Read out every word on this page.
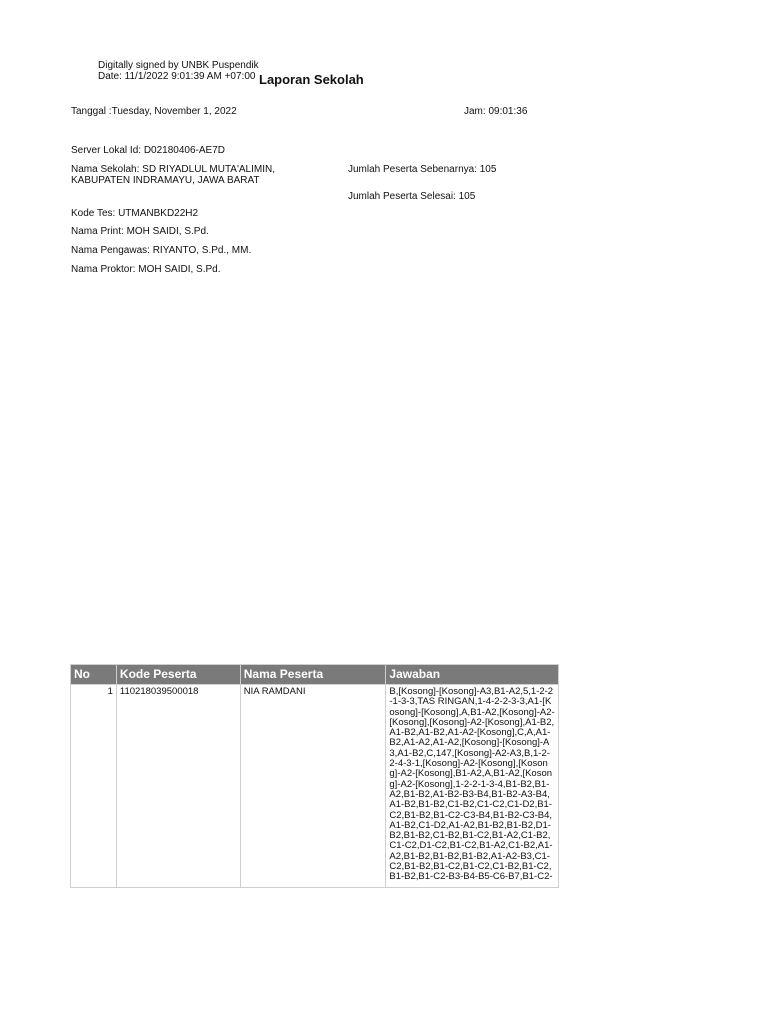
Digitally signed by UNBK Puspendik
Date: 11/1/2022 9:01:39 AM +07:00 Laporan Sekolah
Tanggal :Tuesday, November 1, 2022	Jam: 09:01:36
Server Lokal Id: D02180406-AE7D
Nama Sekolah: SD RIYADLUL MUTA'ALIMIN,
KABUPATEN INDRAMAYU, JAWA BARAT
Jumlah Peserta Sebenarnya: 105
Jumlah Peserta Selesai: 105
Kode Tes: UTMANBKD22H2
Nama Print: MOH SAIDI, S.Pd.
Nama Pengawas: RIYANTO, S.Pd., MM.
Nama Proktor: MOH SAIDI, S.Pd.
No	Kode Peserta	Nama Peserta	Jawaban
1	110218039500018	NIA RAMDANI	B,[Kosong]-[Kosong]-A3,B1-A2,5,1-2-2-1-3-3,TAS RINGAN,1-4-2-2-3-3,A1-[Kosong]-[Kosong],A,B1-A2,[Kosong]-A2-[Kosong],[Kosong]-A2-[Kosong],A1-B2,A1-B2,A1-B2,A1-A2-[Kosong],C,A,A1-B2,A1-A2,A1-A2,[Kosong]-[Kosong]-A3,A1-B2,C,147,[Kosong]-A2-A3,B,1-2-2-4-3-1,[Kosong]-A2-[Kosong],[Kosong]-A2-[Kosong],B1-A2,A,B1-A2,[Kosong]-A2-[Kosong],1-2-2-1-3-4,B1-B2,B1-A2,B1-B2,A1-B2-B3-B4,B1-B2-A3-B4,A1-B2,B1-B2,C1-B2,C1-C2,C1-D2,B1-C2,B1-B2,B1-C2-C3-B4,B1-B2-C3-B4,A1-B2,C1-D2,A1-A2,B1-B2,B1-B2,D1-B2,B1-B2,C1-B2,B1-C2,B1-A2,C1-B2,C1-C2,D1-C2,B1-C2,B1-A2,C1-B2,A1-A2,B1-B2,B1-B2,B1-B2,A1-A2-B3,C1-C2,B1-B2,B1-C2,B1-C2,C1-B2,B1-C2,B1-B2,B1-C2-B3-B4-B5-C6-B7,B1-C2-
